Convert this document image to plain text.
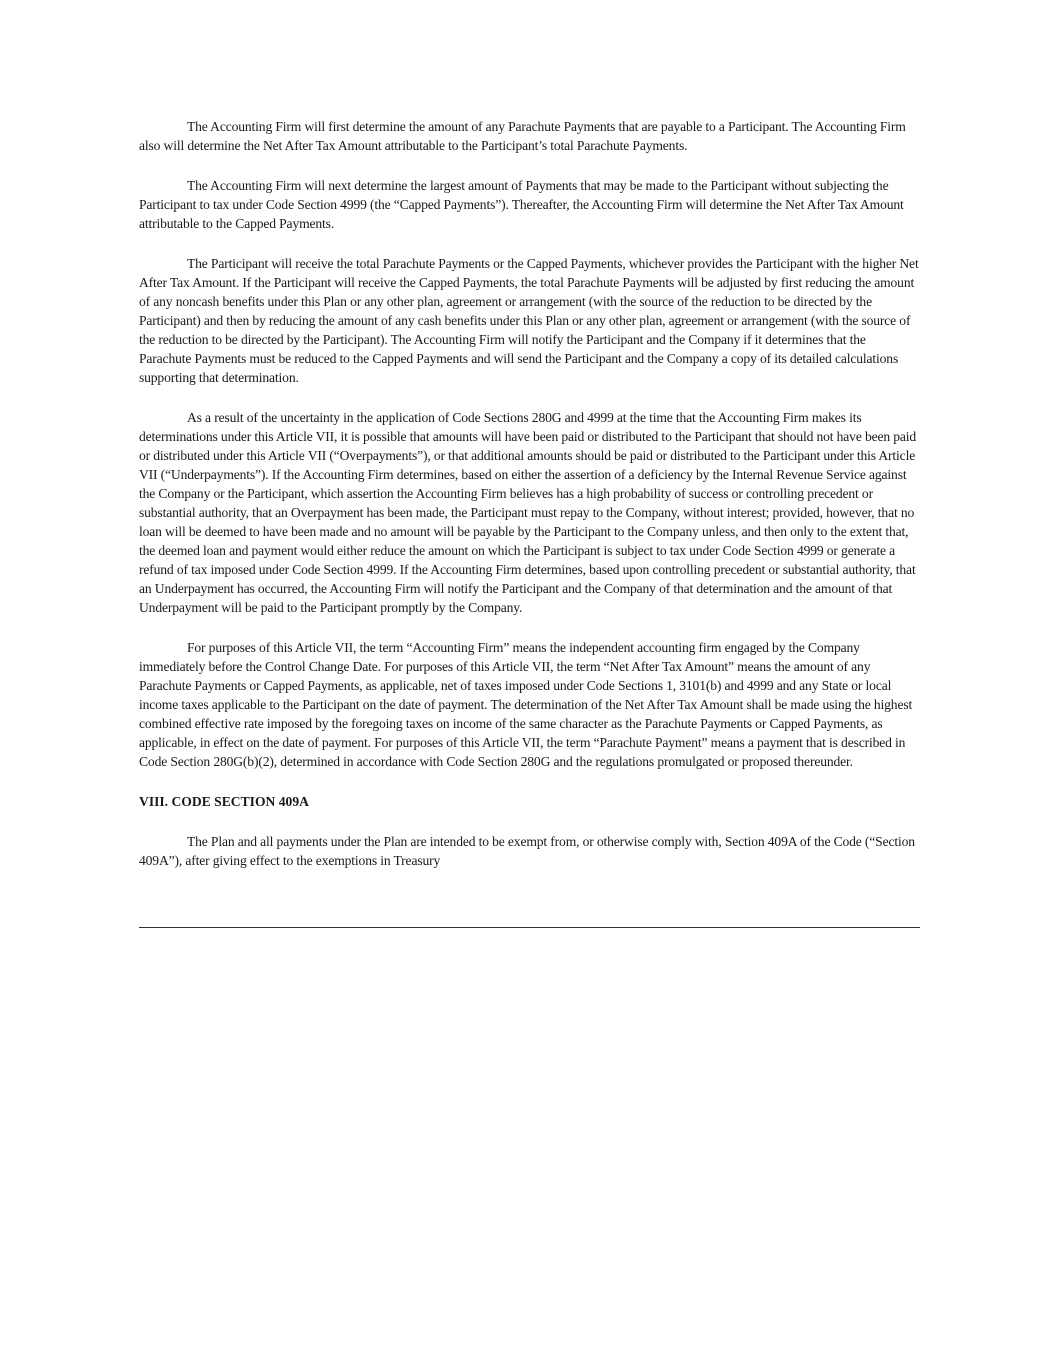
The Accounting Firm will first determine the amount of any Parachute Payments that are payable to a Participant. The Accounting Firm also will determine the Net After Tax Amount attributable to the Participant’s total Parachute Payments.

The Accounting Firm will next determine the largest amount of Payments that may be made to the Participant without subjecting the Participant to tax under Code Section 4999 (the “Capped Payments”). Thereafter, the Accounting Firm will determine the Net After Tax Amount attributable to the Capped Payments.

The Participant will receive the total Parachute Payments or the Capped Payments, whichever provides the Participant with the higher Net After Tax Amount. If the Participant will receive the Capped Payments, the total Parachute Payments will be adjusted by first reducing the amount of any noncash benefits under this Plan or any other plan, agreement or arrangement (with the source of the reduction to be directed by the Participant) and then by reducing the amount of any cash benefits under this Plan or any other plan, agreement or arrangement (with the source of the reduction to be directed by the Participant). The Accounting Firm will notify the Participant and the Company if it determines that the Parachute Payments must be reduced to the Capped Payments and will send the Participant and the Company a copy of its detailed calculations supporting that determination.

As a result of the uncertainty in the application of Code Sections 280G and 4999 at the time that the Accounting Firm makes its determinations under this Article VII, it is possible that amounts will have been paid or distributed to the Participant that should not have been paid or distributed under this Article VII (“Overpayments”), or that additional amounts should be paid or distributed to the Participant under this Article VII (“Underpayments”). If the Accounting Firm determines, based on either the assertion of a deficiency by the Internal Revenue Service against the Company or the Participant, which assertion the Accounting Firm believes has a high probability of success or controlling precedent or substantial authority, that an Overpayment has been made, the Participant must repay to the Company, without interest; provided, however, that no loan will be deemed to have been made and no amount will be payable by the Participant to the Company unless, and then only to the extent that, the deemed loan and payment would either reduce the amount on which the Participant is subject to tax under Code Section 4999 or generate a refund of tax imposed under Code Section 4999. If the Accounting Firm determines, based upon controlling precedent or substantial authority, that an Underpayment has occurred, the Accounting Firm will notify the Participant and the Company of that determination and the amount of that Underpayment will be paid to the Participant promptly by the Company.

For purposes of this Article VII, the term “Accounting Firm” means the independent accounting firm engaged by the Company immediately before the Control Change Date. For purposes of this Article VII, the term “Net After Tax Amount” means the amount of any Parachute Payments or Capped Payments, as applicable, net of taxes imposed under Code Sections 1, 3101(b) and 4999 and any State or local income taxes applicable to the Participant on the date of payment. The determination of the Net After Tax Amount shall be made using the highest combined effective rate imposed by the foregoing taxes on income of the same character as the Parachute Payments or Capped Payments, as applicable, in effect on the date of payment. For purposes of this Article VII, the term “Parachute Payment” means a payment that is described in Code Section 280G(b)(2), determined in accordance with Code Section 280G and the regulations promulgated or proposed thereunder.

VIII. CODE SECTION 409A

The Plan and all payments under the Plan are intended to be exempt from, or otherwise comply with, Section 409A of the Code (“Section 409A”), after giving effect to the exemptions in Treasury
